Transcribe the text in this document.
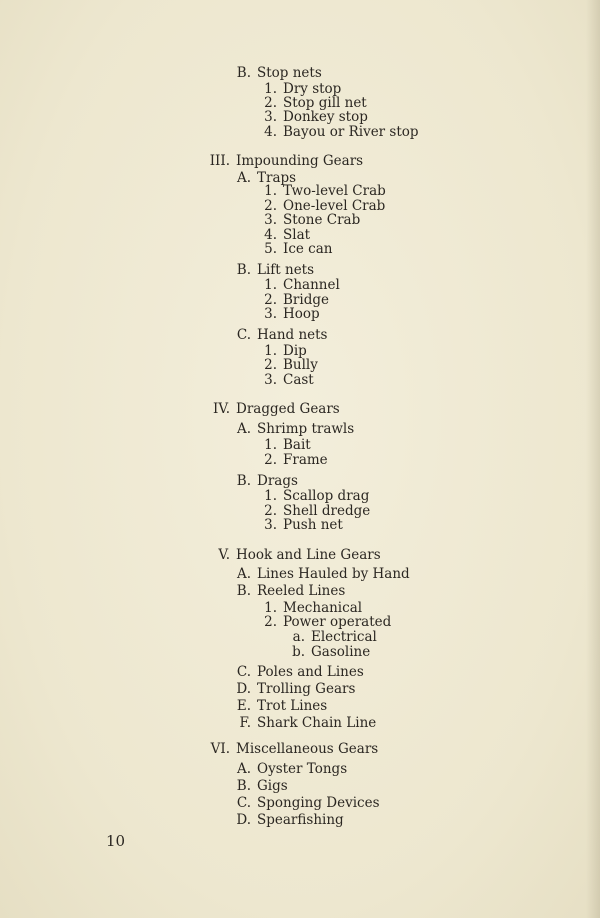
B. Stop nets
1. Dry stop
2. Stop gill net
3. Donkey stop
4. Bayou or River stop
III. Impounding Gears
A. Traps
1. Two-level Crab
2. One-level Crab
3. Stone Crab
4. Slat
5. Ice can
B. Lift nets
1. Channel
2. Bridge
3. Hoop
C. Hand nets
1. Dip
2. Bully
3. Cast
IV. Dragged Gears
A. Shrimp trawls
1. Bait
2. Frame
B. Drags
1. Scallop drag
2. Shell dredge
3. Push net
V. Hook and Line Gears
A. Lines Hauled by Hand
B. Reeled Lines
1. Mechanical
2. Power operated
a. Electrical
b. Gasoline
C. Poles and Lines
D. Trolling Gears
E. Trot Lines
F. Shark Chain Line
VI. Miscellaneous Gears
A. Oyster Tongs
B. Gigs
C. Sponging Devices
D. Spearfishing
10
